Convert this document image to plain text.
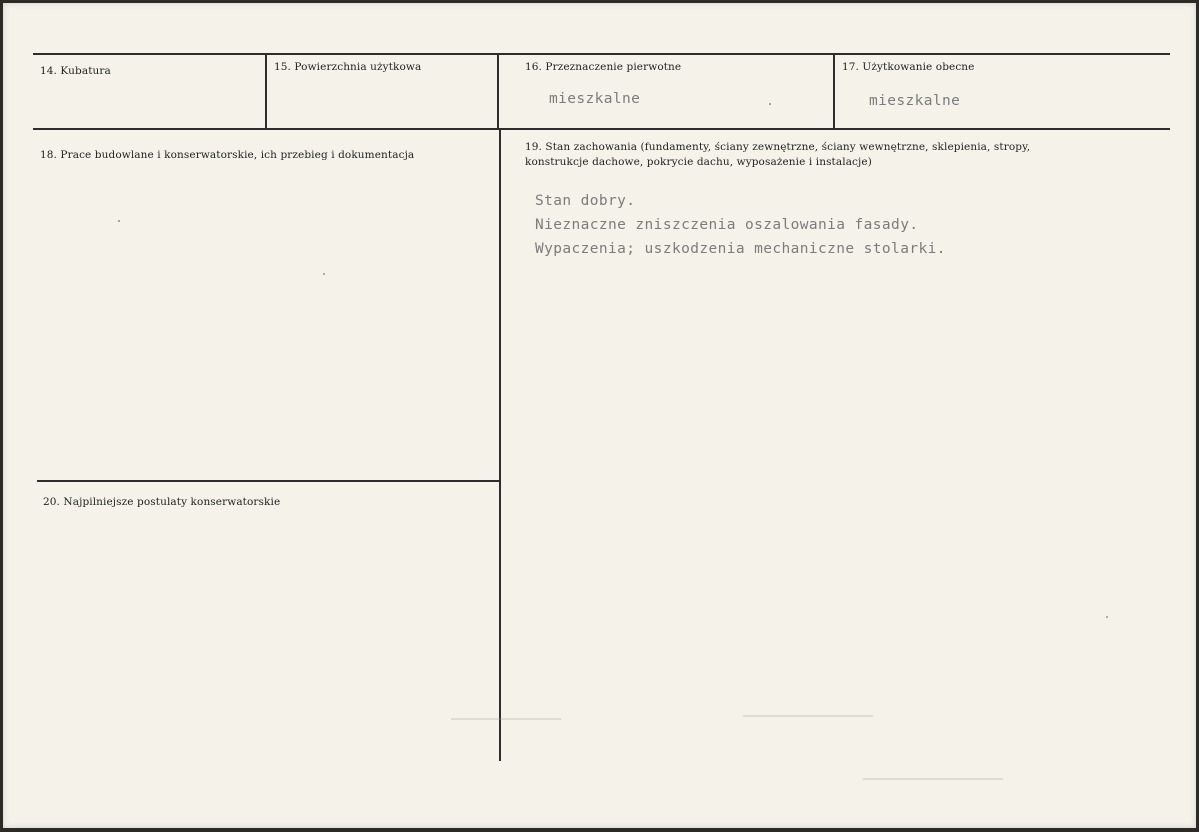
14. Kubatura	15. Powierzchnia użytkowa	16. Przeznaczenie pierwotne
mieszkalne
17. Użytkowanie obecne
mieszkalne
18. Prace budowlane i konserwatorskie, ich przebieg i dokumentacja
19. Stan zachowania (fundamenty, ściany zewnętrzne, ściany wewnętrzne, sklepienia, stropy,
konstrukcje dachowe, pokrycie dachu, wyposażenie i instalacje)
Stan dobry.
Nieznaczne zniszczenia oszalowania fasady.
Wypaczenia; uszkodzenia mechaniczne stolarki.
20. Najpilniejsze postulaty konserwatorskie
